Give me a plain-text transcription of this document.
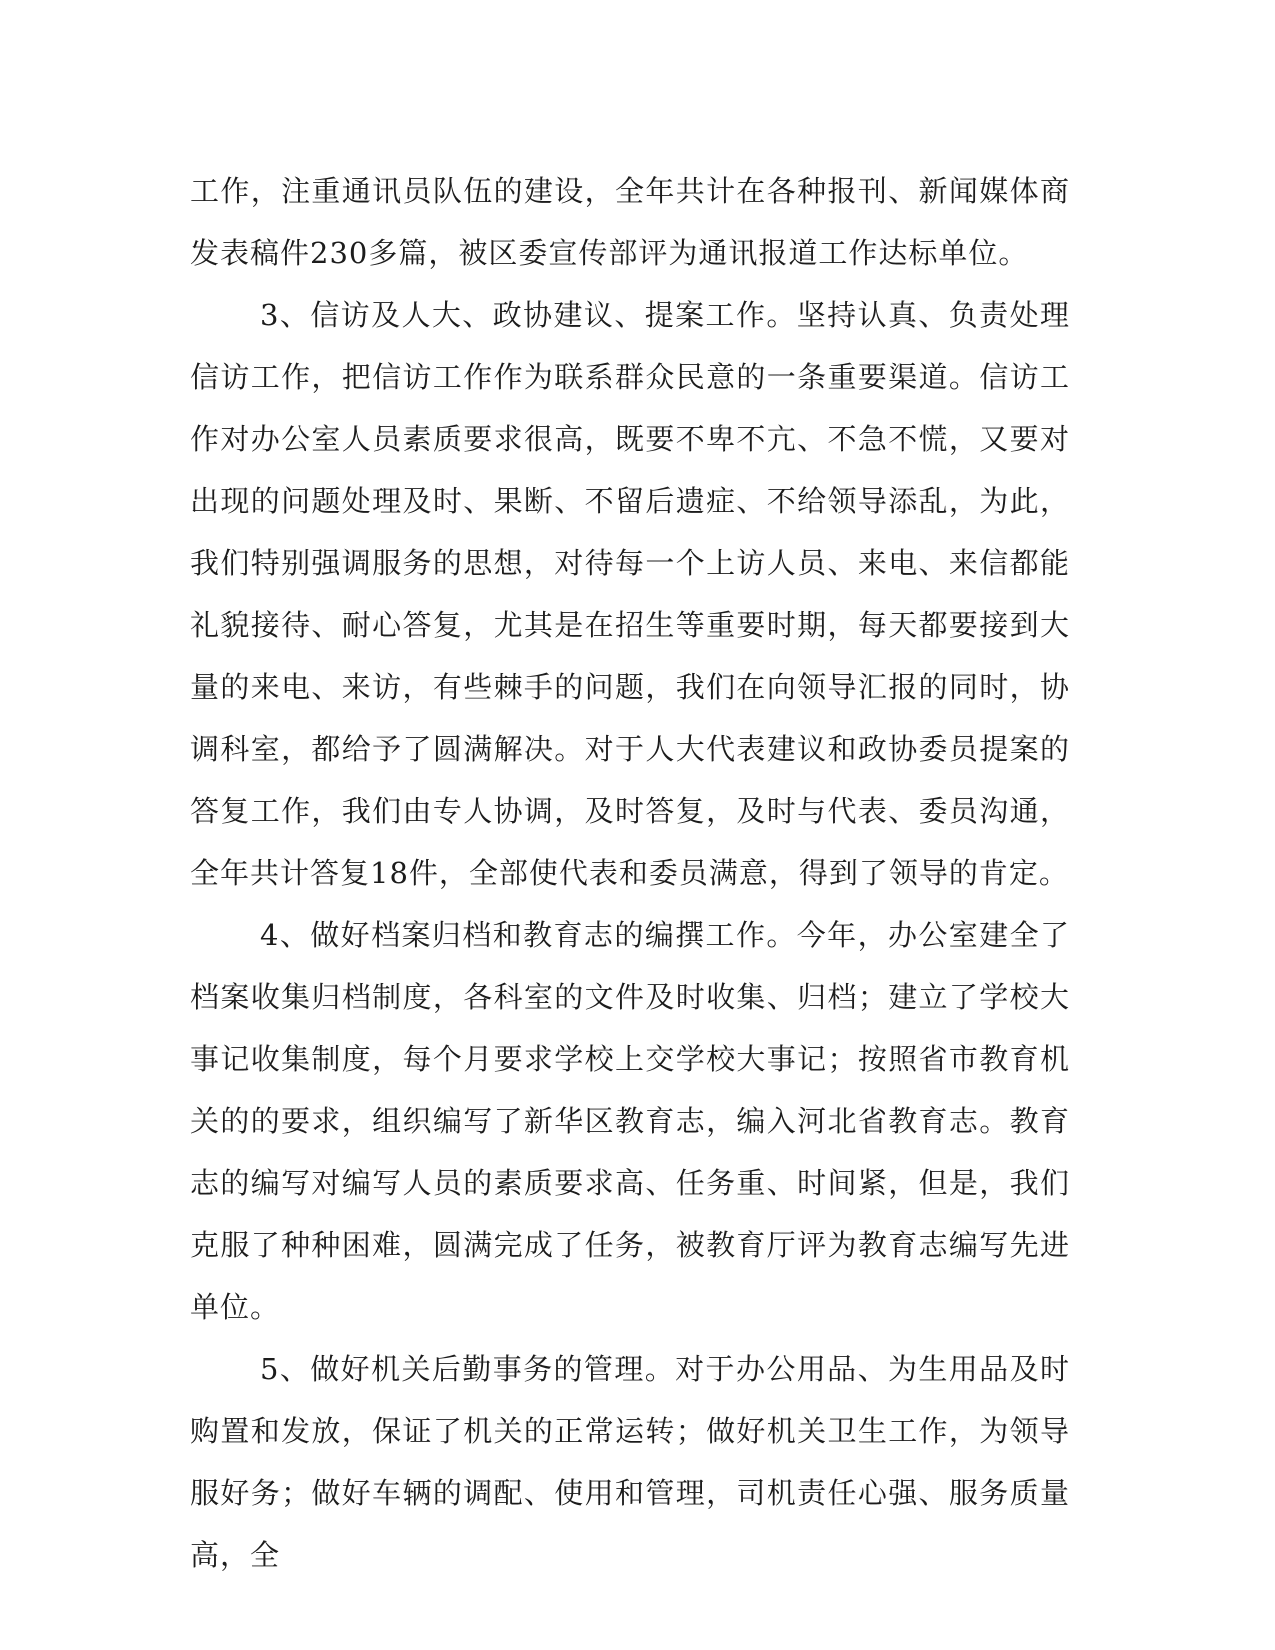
工作，注重通讯员队伍的建设，全年共计在各种报刊、新闻媒体商发表稿件230多篇，被区委宣传部评为通讯报道工作达标单位。

3、信访及人大、政协建议、提案工作。坚持认真、负责处理信访工作，把信访工作作为联系群众民意的一条重要渠道。信访工作对办公室人员素质要求很高，既要不卑不亢、不急不慌，又要对出现的问题处理及时、果断、不留后遗症、不给领导添乱，为此，我们特别强调服务的思想，对待每一个上访人员、来电、来信都能礼貌接待、耐心答复，尤其是在招生等重要时期，每天都要接到大量的来电、来访，有些棘手的问题，我们在向领导汇报的同时，协调科室，都给予了圆满解决。对于人大代表建议和政协委员提案的答复工作，我们由专人协调，及时答复，及时与代表、委员沟通，全年共计答复18件，全部使代表和委员满意，得到了领导的肯定。

4、做好档案归档和教育志的编撰工作。今年，办公室建全了档案收集归档制度，各科室的文件及时收集、归档；建立了学校大事记收集制度，每个月要求学校上交学校大事记；按照省市教育机关的的要求，组织编写了新华区教育志，编入河北省教育志。教育志的编写对编写人员的素质要求高、任务重、时间紧，但是，我们克服了种种困难，圆满完成了任务，被教育厅评为教育志编写先进单位。

5、做好机关后勤事务的管理。对于办公用品、为生用品及时购置和发放，保证了机关的正常运转；做好机关卫生工作，为领导服好务；做好车辆的调配、使用和管理，司机责任心强、服务质量高，全
